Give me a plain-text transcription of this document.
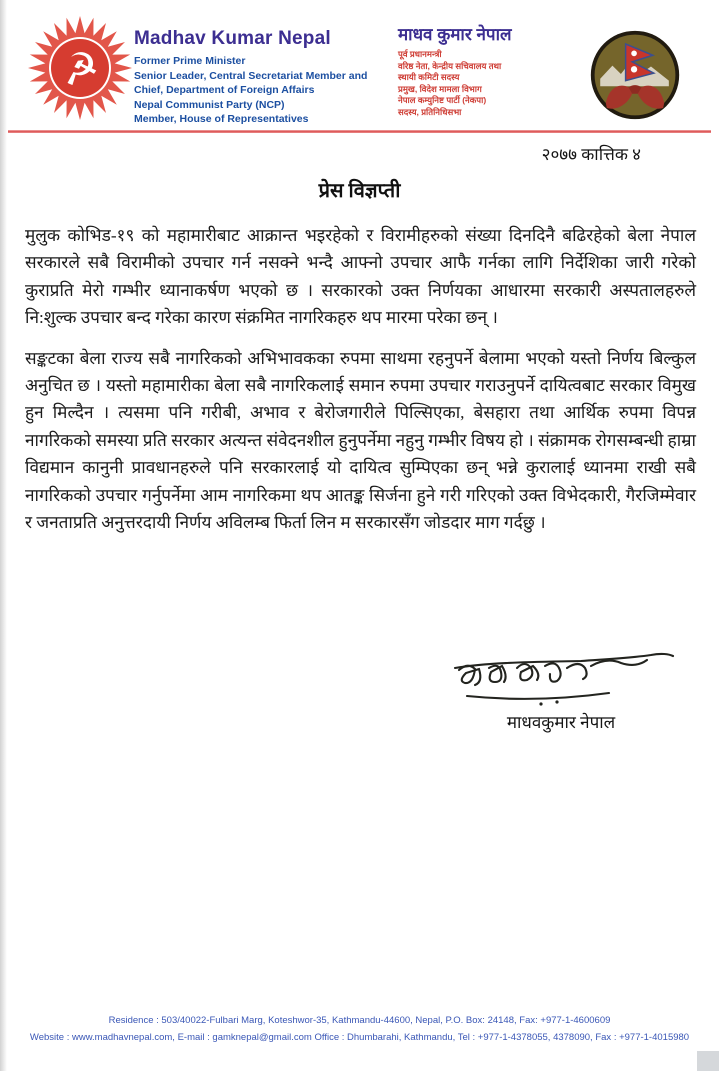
☭
Madhav Kumar Nepal
Former Prime Minister
Senior Leader, Central Secretariat Member and
Chief, Department of Foreign Affairs
Nepal Communist Party (NCP)
Member, House of Representatives
माधव कुमार नेपाल
पूर्व प्रधानमन्त्री
वरिष्ठ नेता, केन्द्रीय सचिवालय तथा
स्थायी कमिटी सदस्य
प्रमुख, विदेश मामला विभाग
नेपाल कम्युनिष्ट पार्टी (नेकपा)
सदस्य, प्रतिनिधिसभा
२०७७ कात्तिक ४
प्रेस विज्ञप्ती

मुलुक कोभिड-१९ को महामारीबाट आक्रान्त भइरहेको र विरामीहरुको संख्या दिनदिनै बढिरहेको बेला नेपाल सरकारले सबै विरामीको उपचार गर्न नसक्ने भन्दै आफ्नो उपचार आफै गर्नका लागि निर्देशिका जारी गरेको कुराप्रति मेरो गम्भीर ध्यानाकर्षण भएको छ । सरकारको उक्त निर्णयका आधारमा सरकारी अस्पतालहरुले नि:शुल्क उपचार बन्द गरेका कारण संक्रमित नागरिकहरु थप मारमा परेका छन् ।

सङ्कटका बेला राज्य सबै नागरिकको अभिभावकका रुपमा साथमा रहनुपर्ने बेलामा भएको यस्तो निर्णय बिल्कुल अनुचित छ । यस्तो महामारीका बेला सबै नागरिकलाई समान रुपमा उपचार गराउनुपर्ने दायित्वबाट सरकार विमुख हुन मिल्दैन । त्यसमा पनि गरीबी, अभाव र बेरोजगारीले पिल्सिएका, बेसहारा तथा आर्थिक रुपमा विपन्न नागरिकको समस्या प्रति सरकार अत्यन्त संवेदनशील हुनुपर्नेमा नहुनु गम्भीर विषय हो । संक्रामक रोगसम्बन्धी हाम्रा विद्यमान कानुनी प्रावधानहरुले पनि सरकारलाई यो दायित्व सुम्पिएका छन् भन्ने कुरालाई ध्यानमा राखी सबै नागरिकको उपचार गर्नुपर्नेमा आम नागरिकमा थप आतङ्क सिर्जना हुने गरी गरिएको उक्त विभेदकारी, गैरजिम्मेवार र जनताप्रति अनुत्तरदायी निर्णय अविलम्ब फिर्ता लिन म सरकारसँग जोडदार माग गर्दछु ।

माधवकुमार नेपाल
Residence : 503/40022-Fulbari Marg, Koteshwor-35, Kathmandu-44600, Nepal, P.O. Box: 24148, Fax: +977-1-4600609
Website : www.madhavnepal.com, E-mail : gamknepal@gmail.com Office : Dhumbarahi, Kathmandu, Tel : +977-1-4378055, 4378090, Fax : +977-1-4015980
